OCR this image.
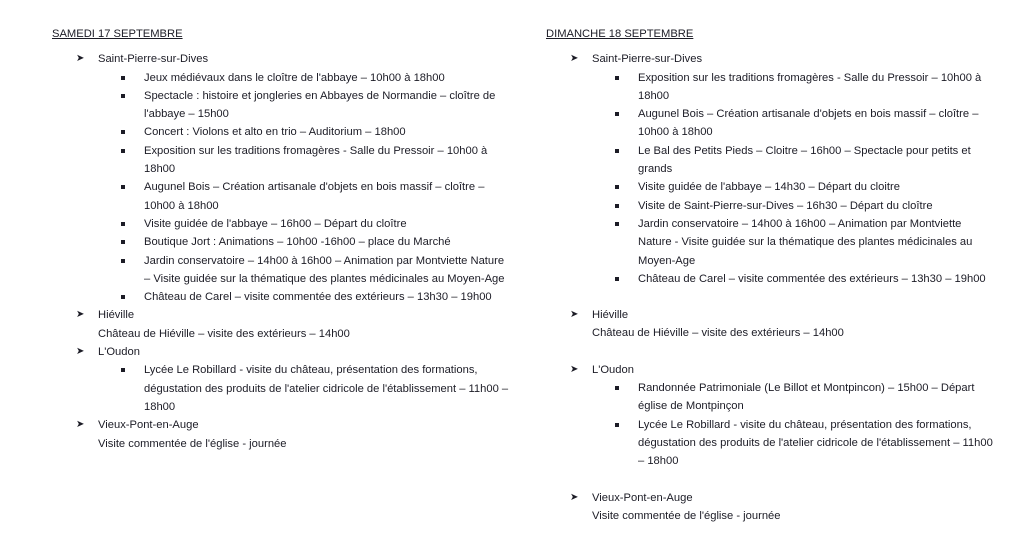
SAMEDI 17 SEPTEMBRE
➤ Saint-Pierre-sur-Dives
Jeux médiévaux dans le cloître de l'abbaye – 10h00 à 18h00
Spectacle : histoire et jongleries en Abbayes de Normandie – cloître de l'abbaye – 15h00
Concert : Violons et alto en trio – Auditorium – 18h00
Exposition sur les traditions fromagères - Salle du Pressoir – 10h00 à 18h00
Augunel Bois – Création artisanale d'objets en bois massif – cloître – 10h00 à 18h00
Visite guidée de l'abbaye – 16h00 – Départ du cloître
Boutique Jort : Animations – 10h00 -16h00 – place du Marché
Jardin conservatoire – 14h00 à 16h00 – Animation par Montviette Nature – Visite guidée sur la thématique des plantes médicinales au Moyen-Age
Château de Carel – visite commentée des extérieurs – 13h30 – 19h00
➤ Hiéville
Château de Hiéville – visite des extérieurs – 14h00
➤ L'Oudon
Lycée Le Robillard - visite du château, présentation des formations, dégustation des produits de l'atelier cidricole de l'établissement – 11h00 – 18h00
➤ Vieux-Pont-en-Auge
Visite commentée de l'église - journée
DIMANCHE 18 SEPTEMBRE
➤ Saint-Pierre-sur-Dives
Exposition sur les traditions fromagères - Salle du Pressoir – 10h00 à 18h00
Augunel Bois – Création artisanale d'objets en bois massif – cloître – 10h00 à 18h00
Le Bal des Petits Pieds – Cloitre – 16h00 – Spectacle pour petits et grands
Visite guidée de l'abbaye – 14h30 – Départ du cloitre
Visite de Saint-Pierre-sur-Dives – 16h30 – Départ du cloître
Jardin conservatoire – 14h00 à 16h00 – Animation par Montviette Nature - Visite guidée sur la thématique des plantes médicinales au Moyen-Age
Château de Carel – visite commentée des extérieurs – 13h30 – 19h00
➤ Hiéville
Château de Hiéville – visite des extérieurs – 14h00
➤ L'Oudon
Randonnée Patrimoniale (Le Billot et Montpincon) – 15h00 – Départ église de Montpinçon
Lycée Le Robillard - visite du château, présentation des formations, dégustation des produits de l'atelier cidricole de l'établissement – 11h00 – 18h00
➤ Vieux-Pont-en-Auge
Visite commentée de l'église - journée
